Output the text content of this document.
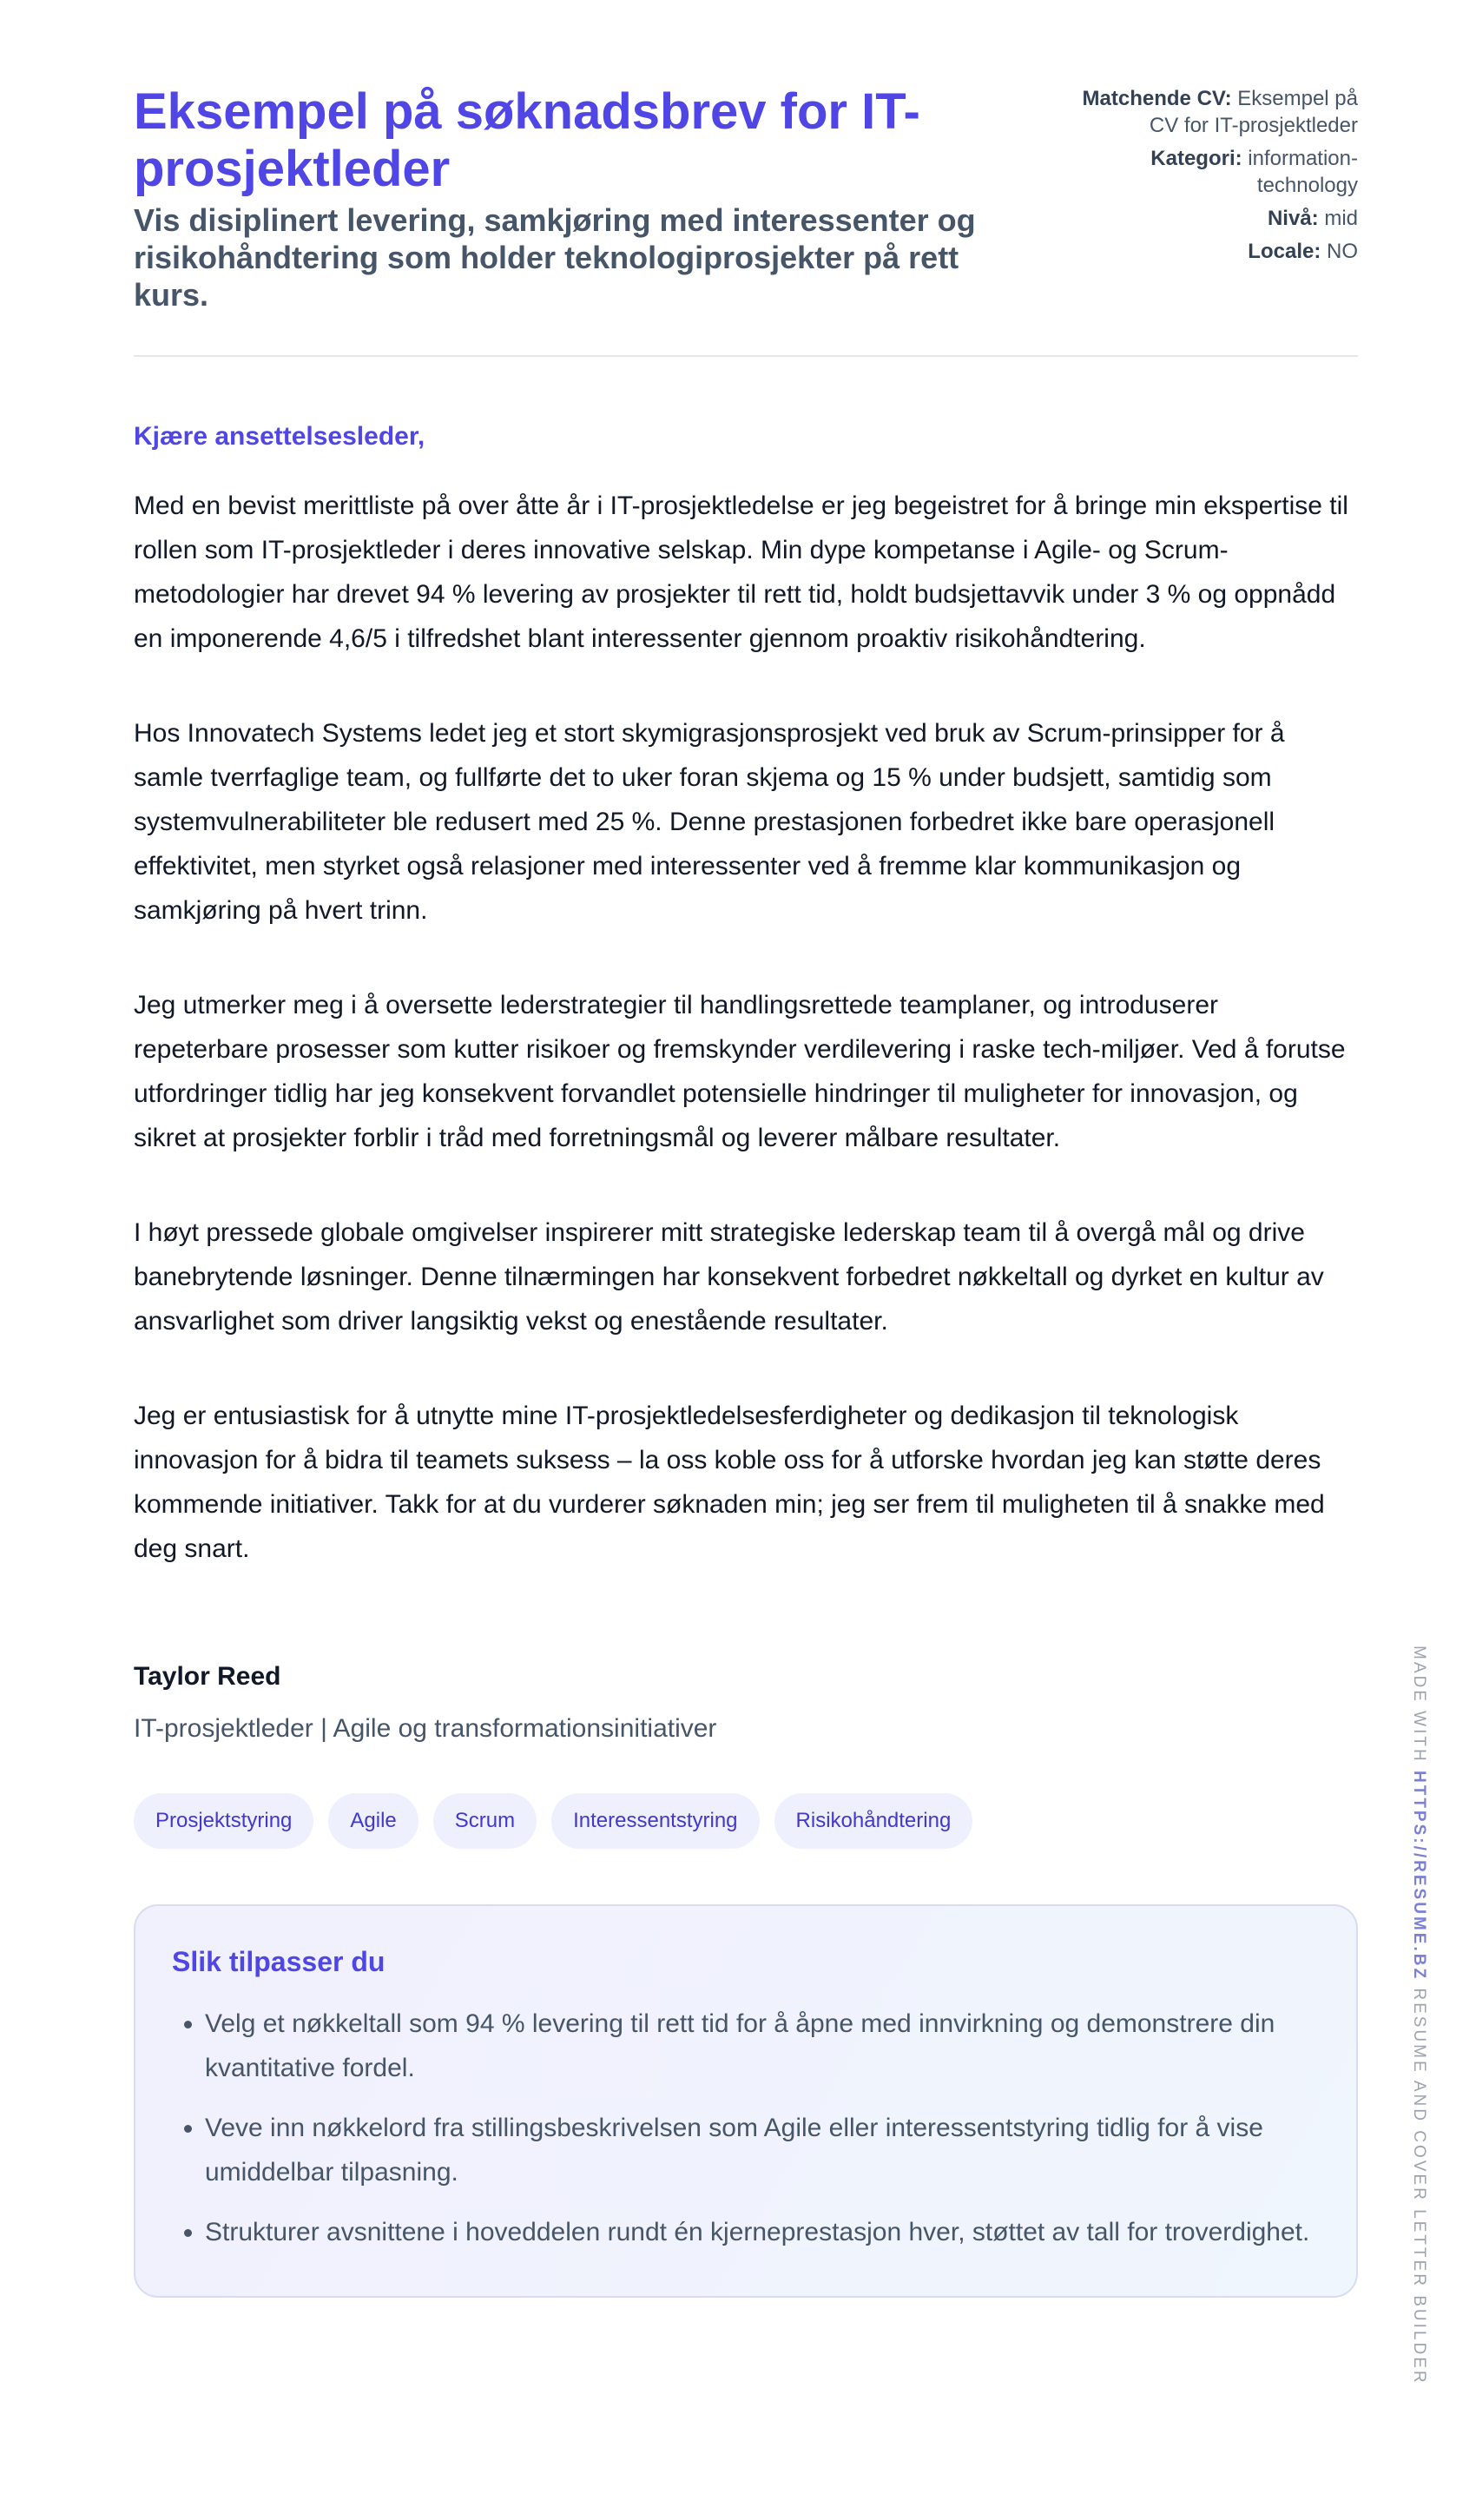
Eksempel på søknadsbrev for IT-prosjektleder

Vis disiplinert levering, samkjøring med interessenter og risikohåndtering som holder teknologiprosjekter på rett kurs.

Matchende CV: Eksempel på CV for IT-prosjektleder
Kategori: information-technology
Nivå: mid
Locale: NO
Kjære ansettelsesleder,

Med en bevist merittliste på over åtte år i IT-prosjektledelse er jeg begeistret for å bringe min ekspertise til rollen som IT-prosjektleder i deres innovative selskap. Min dype kompetanse i Agile- og Scrum-metodologier har drevet 94 % levering av prosjekter til rett tid, holdt budsjettavvik under 3 % og oppnådd en imponerende 4,6/5 i tilfredshet blant interessenter gjennom proaktiv risikohåndtering.

Hos Innovatech Systems ledet jeg et stort skymigrasjonsprosjekt ved bruk av Scrum-prinsipper for å samle tverrfaglige team, og fullførte det to uker foran skjema og 15 % under budsjett, samtidig som systemvulnerabiliteter ble redusert med 25 %. Denne prestasjonen forbedret ikke bare operasjonell effektivitet, men styrket også relasjoner med interessenter ved å fremme klar kommunikasjon og samkjøring på hvert trinn.

Jeg utmerker meg i å oversette lederstrategier til handlingsrettede teamplaner, og introduserer repeterbare prosesser som kutter risikoer og fremskynder verdilevering i raske tech-miljøer. Ved å forutse utfordringer tidlig har jeg konsekvent forvandlet potensielle hindringer til muligheter for innovasjon, og sikret at prosjekter forblir i tråd med forretningsmål og leverer målbare resultater.

I høyt pressede globale omgivelser inspirerer mitt strategiske lederskap team til å overgå mål og drive banebrytende løsninger. Denne tilnærmingen har konsekvent forbedret nøkkeltall og dyrket en kultur av ansvarlighet som driver langsiktig vekst og enestående resultater.

Jeg er entusiastisk for å utnytte mine IT-prosjektledelsesferdigheter og dedikasjon til teknologisk innovasjon for å bidra til teamets suksess – la oss koble oss for å utforske hvordan jeg kan støtte deres kommende initiativer. Takk for at du vurderer søknaden min; jeg ser frem til muligheten til å snakke med deg snart.

Taylor Reed
IT-prosjektleder | Agile og transformationsinitiativer
Prosjektstyring	Agile	Scrum	Interessentstyring	Risikohåndtering
Slik tilpasser du
• Velg et nøkkeltall som 94 % levering til rett tid for å åpne med innvirkning og demonstrere din kvantitative fordel.
• Veve inn nøkkelord fra stillingsbeskrivelsen som Agile eller interessentstyring tidlig for å vise umiddelbar tilpasning.
• Strukturer avsnittene i hoveddelen rundt én kjerneprestasjon hver, støttet av tall for troverdighet.
MADE WITH HTTPS://RESUME.BZ RESUME AND COVER LETTER BUILDER
